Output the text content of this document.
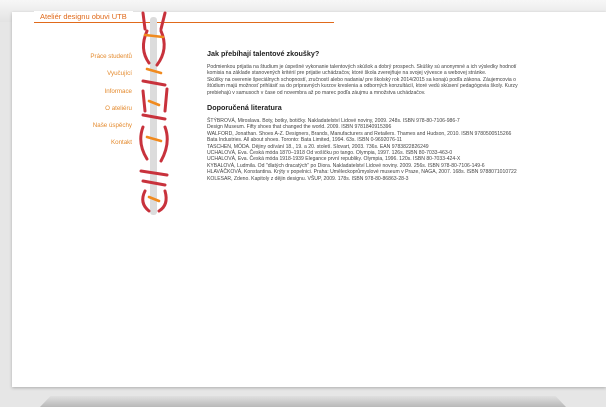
Ateliér designu obuvi UTB
Práce studentů
Vyučující
Informace
O ateliéru
Naše úspěchy
Kontakt
Jak přebíhají talentové zkoušky?

Podmienkou prijatia na študium je úspešné vykonanie talentových skúšok a dobrý prospech. Skúšky sú anonymné a ich výsledky hodnotí komisia na základe stanovených kritérií pre prijatie uchádzačov, ktoré škola zverejňuje na svojej vývesce a webovej stránke.

Skúšky na overenie špeciálnych schopností, zručností alebo nadania/ pre školský rok 2014/2015 sa konajú podľa zákona. Záujemcovia o štúdium majú možnosť prihlásiť sa do prípravných kurzov kreslenia a odborných konzultácií, ktoré vedú skúsení pedagógovia školy. Kurzy prebiehajú v samusoch v čase od novembra až po marec podľa záujmu a množstva uchádzačov.

Doporučená literatura

ŠTÝBROVÁ, Miroslava. Boty, botky, botičky. Nakladatelství Lidové noviny, 2009. 248s. ISBN 978-80-7106-986-7

Design Museum. Fifty shoes that changed the world. 2009. ISBN 9781840915396

WALFORD, Jonathan. Shoes A-Z. Designers, Brands, Manufacturers and Retailers. Thames and Hudson, 2010. ISBN 9780500515266

Bata Industries. All about shoes. Toronto: Bata Limited, 1994. 63s. ISBN 0-9692076-11

TASCHEN, MÓDA. Dějiny odívání 18., 19. a 20. století. Slovart, 2003. 736s. EAN 9783822826249

UCHALOVÁ, Eva. Česká móda 1870–1918 Od vošíčku po tango. Olympia, 1997. 126s. ISBN 80-7033-463-0

UCHALOVÁ, Eva. Česká móda 1918-1939 Elegance první republiky. Olympia, 1996. 120s. ISBN 80-7033-424-X

KYBALOVÁ, Ludmila. Od "dlatých dracatých" po Diora. Nakladatelství Lidové noviny. 2009. 256s. ISBN 978-80-7106-149-6

HLAVÁČKOVÁ, Konstantina. Krýty v popelnici. Praha: Uměleckoprůmyslové museum v Praze, NAGA, 2007. 168s. ISBN 9788071010722

KOLESAR, Zdeno. Kapitoly z dějin designu. VŠUP, 2009. 178s. ISBN 978-80-86863-28-3
